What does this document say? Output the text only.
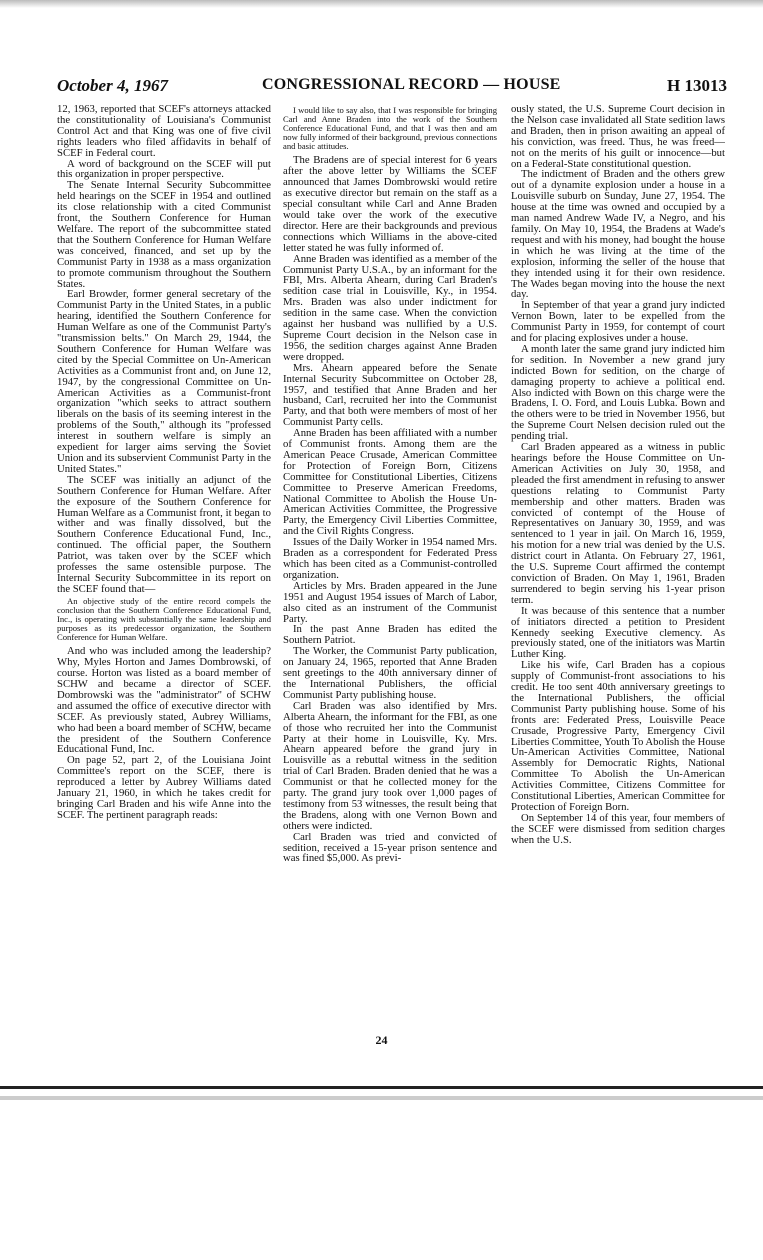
October 4, 1967	CONGRESSIONAL RECORD — HOUSE	H 13013

12, 1963, reported that SCEF's attorneys attacked the constitutionality of Louisiana's Communist Control Act and that King was one of five civil rights leaders who filed affidavits in behalf of SCEF in Federal court.

A word of background on the SCEF will put this organization in proper perspective.

The Senate Internal Security Subcommittee held hearings on the SCEF in 1954 and outlined its close relationship with a cited Communist front, the Southern Conference for Human Welfare. The report of the subcommittee stated that the Southern Conference for Human Welfare was conceived, financed, and set up by the Communist Party in 1938 as a mass organization to promote communism throughout the Southern States.

Earl Browder, former general secretary of the Communist Party in the United States, in a public hearing, identified the Southern Conference for Human Welfare as one of the Communist Party's "transmission belts." On March 29, 1944, the Southern Conference for Human Welfare was cited by the Special Committee on Un-American Activities as a Communist front and, on June 12, 1947, by the congressional Committee on Un-American Activities as a Communist-front organization "which seeks to attract southern liberals on the basis of its seeming interest in the problems of the South," although its "professed interest in southern welfare is simply an expedient for larger aims serving the Soviet Union and its subservient Communist Party in the United States."

The SCEF was initially an adjunct of the Southern Conference for Human Welfare. After the exposure of the Southern Conference for Human Welfare as a Communist front, it began to wither and was finally dissolved, but the Southern Conference Educational Fund, Inc., continued. The official paper, the Southern Patriot, was taken over by the SCEF which professes the same ostensible purpose. The Internal Security Subcommittee in its report on the SCEF found that—

An objective study of the entire record compels the conclusion that the Southern Conference Educational Fund, Inc., is operating with substantially the same leadership and purposes as its predecessor organization, the Southern Conference for Human Welfare.

And who was included among the leadership? Why, Myles Horton and James Dombrowski, of course. Horton was listed as a board member of SCHW and became a director of SCEF. Dombrowski was the "administrator" of SCHW and assumed the office of executive director with SCEF. As previously stated, Aubrey Williams, who had been a board member of SCHW, became the president of the Southern Conference Educational Fund, Inc.

On page 52, part 2, of the Louisiana Joint Committee's report on the SCEF, there is reproduced a letter by Aubrey Williams dated January 21, 1960, in which he takes credit for bringing Carl Braden and his wife Anne into the SCEF. The pertinent paragraph reads:

I would like to say also, that I was responsible for bringing Carl and Anne Braden into the work of the Southern Conference Educational Fund, and that I was then and am now fully informed of their background, previous connections and basic attitudes.

The Bradens are of special interest for 6 years after the above letter by Williams the SCEF announced that James Dombrowski would retire as executive director but remain on the staff as a special consultant while Carl and Anne Braden would take over the work of the executive director. Here are their backgrounds and previous connections which Williams in the above-cited letter stated he was fully informed of.

Anne Braden was identified as a member of the Communist Party U.S.A., by an informant for the FBI, Mrs. Alberta Ahearn, during Carl Braden's sedition case trial in Louisville, Ky., in 1954. Mrs. Braden was also under indictment for sedition in the same case. When the conviction against her husband was nullified by a U.S. Supreme Court decision in the Nelson case in 1956, the sedition charges against Anne Braden were dropped.

Mrs. Ahearn appeared before the Senate Internal Security Subcommittee on October 28, 1957, and testified that Anne Braden and her husband, Carl, recruited her into the Communist Party, and that both were members of most of her Communist Party cells.

Anne Braden has been affiliated with a number of Communist fronts. Among them are the American Peace Crusade, American Committee for Protection of Foreign Born, Citizens Committee for Constitutional Liberties, Citizens Committee to Preserve American Freedoms, National Committee to Abolish the House Un-American Activities Committee, the Progressive Party, the Emergency Civil Liberties Committee, and the Civil Rights Congress.

Issues of the Daily Worker in 1954 named Mrs. Braden as a correspondent for Federated Press which has been cited as a Communist-controlled organization.

Articles by Mrs. Braden appeared in the June 1951 and August 1954 issues of March of Labor, also cited as an instrument of the Communist Party.

In the past Anne Braden has edited the Southern Patriot.

The Worker, the Communist Party publication, on January 24, 1965, reported that Anne Braden sent greetings to the 40th anniversary dinner of the International Publishers, the official Communist Party publishing house.

Carl Braden was also identified by Mrs. Alberta Ahearn, the informant for the FBI, as one of those who recruited her into the Communist Party at their home in Louisville, Ky. Mrs. Ahearn appeared before the grand jury in Louisville as a rebuttal witness in the sedition trial of Carl Braden. Braden denied that he was a Communist or that he collected money for the party. The grand jury took over 1,000 pages of testimony from 53 witnesses, the result being that the Bradens, along with one Vernon Bown and others were indicted.

Carl Braden was tried and convicted of sedition, received a 15-year prison sentence and was fined $5,000. As previ-

ously stated, the U.S. Supreme Court decision in the Nelson case invalidated all State sedition laws and Braden, then in prison awaiting an appeal of his conviction, was freed. Thus, he was freed—not on the merits of his guilt or innocence—but on a Federal-State constitutional question.

The indictment of Braden and the others grew out of a dynamite explosion under a house in a Louisville suburb on Sunday, June 27, 1954. The house at the time was owned and occupied by a man named Andrew Wade IV, a Negro, and his family. On May 10, 1954, the Bradens at Wade's request and with his money, had bought the house in which he was living at the time of the explosion, informing the seller of the house that they intended using it for their own residence. The Wades began moving into the house the next day.

In September of that year a grand jury indicted Vernon Bown, later to be expelled from the Communist Party in 1959, for contempt of court and for placing explosives under a house.

A month later the same grand jury indicted him for sedition. In November a new grand jury indicted Bown for sedition, on the charge of damaging property to achieve a political end. Also indicted with Bown on this charge were the Bradens, I. O. Ford, and Louis Lubka. Bown and the others were to be tried in November 1956, but the Supreme Court Nelsen decision ruled out the pending trial.

Carl Braden appeared as a witness in public hearings before the House Committee on Un-American Activities on July 30, 1958, and pleaded the first amendment in refusing to answer questions relating to Communist Party membership and other matters. Braden was convicted of contempt of the House of Representatives on January 30, 1959, and was sentenced to 1 year in jail. On March 16, 1959, his motion for a new trial was denied by the U.S. district court in Atlanta. On February 27, 1961, the U.S. Supreme Court affirmed the contempt conviction of Braden. On May 1, 1961, Braden surrendered to begin serving his 1-year prison term.

It was because of this sentence that a number of initiators directed a petition to President Kennedy seeking Executive clemency. As previously stated, one of the initiators was Martin Luther King.

Like his wife, Carl Braden has a copious supply of Communist-front associations to his credit. He too sent 40th anniversary greetings to the International Publishers, the official Communist Party publishing house. Some of his fronts are: Federated Press, Louisville Peace Crusade, Progressive Party, Emergency Civil Liberties Committee, Youth To Abolish the House Un-American Activities Committee, National Assembly for Democratic Rights, National Committee To Abolish the Un-American Activities Committee, Citizens Committee for Constitutional Liberties, American Committee for Protection of Foreign Born.

On September 14 of this year, four members of the SCEF were dismissed from sedition charges when the U.S.

24
